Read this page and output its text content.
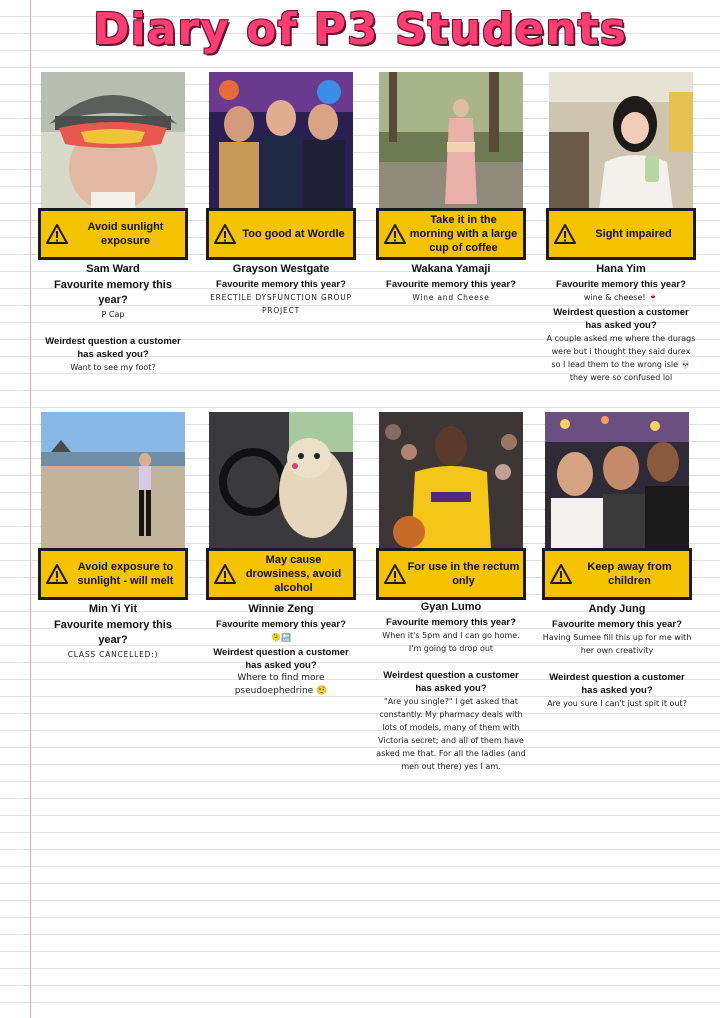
Diary of P3 Students
Avoid sunlight exposure
Sam Ward
Favourite memory this year?
P Cap
Weirdest question a customer has asked you?
Want to see my foot?
Too good at Wordle
Grayson Westgate
Favourite memory this year?
ERECTILE DYSFUNCTION GROUP PROJECT
Take it in the morning with a large cup of coffee
Wakana Yamaji
Favourite memory this year?
Wine and Cheese
Sight impaired
Hana Yim
Favourite memory this year?
wine & cheese! 🍷
Weirdest question a customer has asked you?
A couple asked me where the durags were but i thought they said durex so I lead them to the wrong isle 💀 they were so confused lol
Avoid exposure to sunlight - will melt
Min Yi Yit
Favourite memory this year?
CLASS CANCELLED:)
May cause drowsiness, avoid alcohol
Winnie Zeng
Favourite memory this year?
🫠🔚
Weirdest question a customer has asked you?
Where to find more pseudoephedrine 🤨
For use in the rectum only
Gyan Lumo
Favourite memory this year?
When it's 5pm and I can go home. I'm going to drop out
Weirdest question a customer has asked you?
"Are you single?" I get asked that constantly. My pharmacy deals with lots of models, many of them with Victoria secret; and all of them have asked me that. For all the ladies (and men out there) yes I am.
Keep away from children
Andy Jung
Favourite memory this year?
Having Sumee fill this up for me with her own creativity
Weirdest question a customer has asked you?
Are you sure I can't just spit it out?
